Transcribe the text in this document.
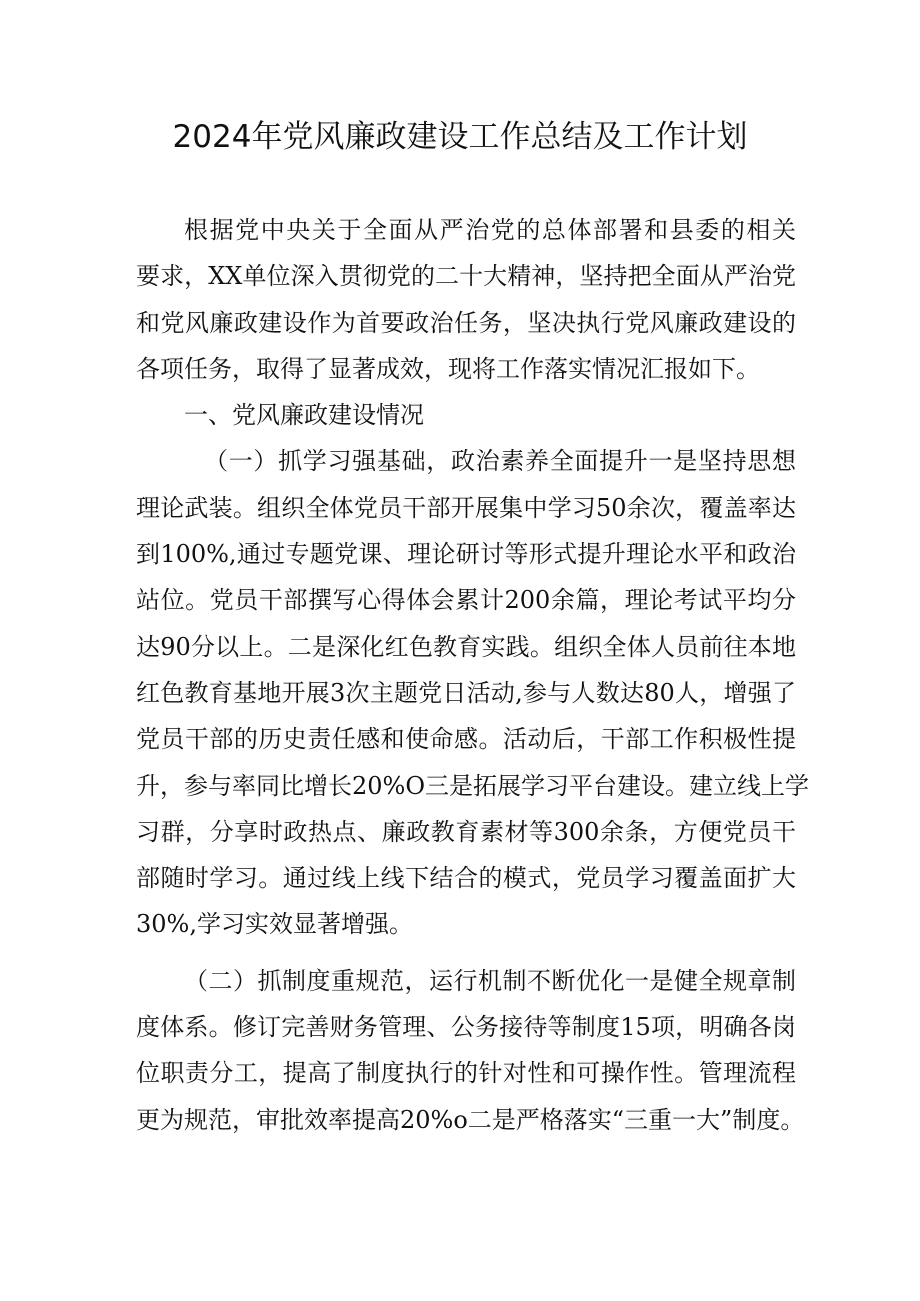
2024年党风廉政建设工作总结及工作计划
根据党中央关于全面从严治党的总体部署和县委的相关
要求，XX单位深入贯彻党的二十大精神，坚持把全面从严治党
和党风廉政建设作为首要政治任务，坚决执行党风廉政建设的
各项任务，取得了显著成效，现将工作落实情况汇报如下。
一、党风廉政建设情况
（一）抓学习强基础，政治素养全面提升一是坚持思想
理论武装。组织全体党员干部开展集中学习50余次，覆盖率达
到100%,通过专题党课、理论研讨等形式提升理论水平和政治
站位。党员干部撰写心得体会累计200余篇，理论考试平均分
达90分以上。二是深化红色教育实践。组织全体人员前往本地
红色教育基地开展3次主题党日活动,参与人数达80人，增强了
党员干部的历史责任感和使命感。活动后，干部工作积极性提
升，参与率同比增长20%O三是拓展学习平台建设。建立线上学
习群，分享时政热点、廉政教育素材等300余条，方便党员干
部随时学习。通过线上线下结合的模式，党员学习覆盖面扩大
30%,学习实效显著增强。
（二）抓制度重规范，运行机制不断优化一是健全规章制
度体系。修订完善财务管理、公务接待等制度15项，明确各岗
位职责分工，提高了制度执行的针对性和可操作性。管理流程
更为规范，审批效率提高20%o二是严格落实“三重一大”制度。
